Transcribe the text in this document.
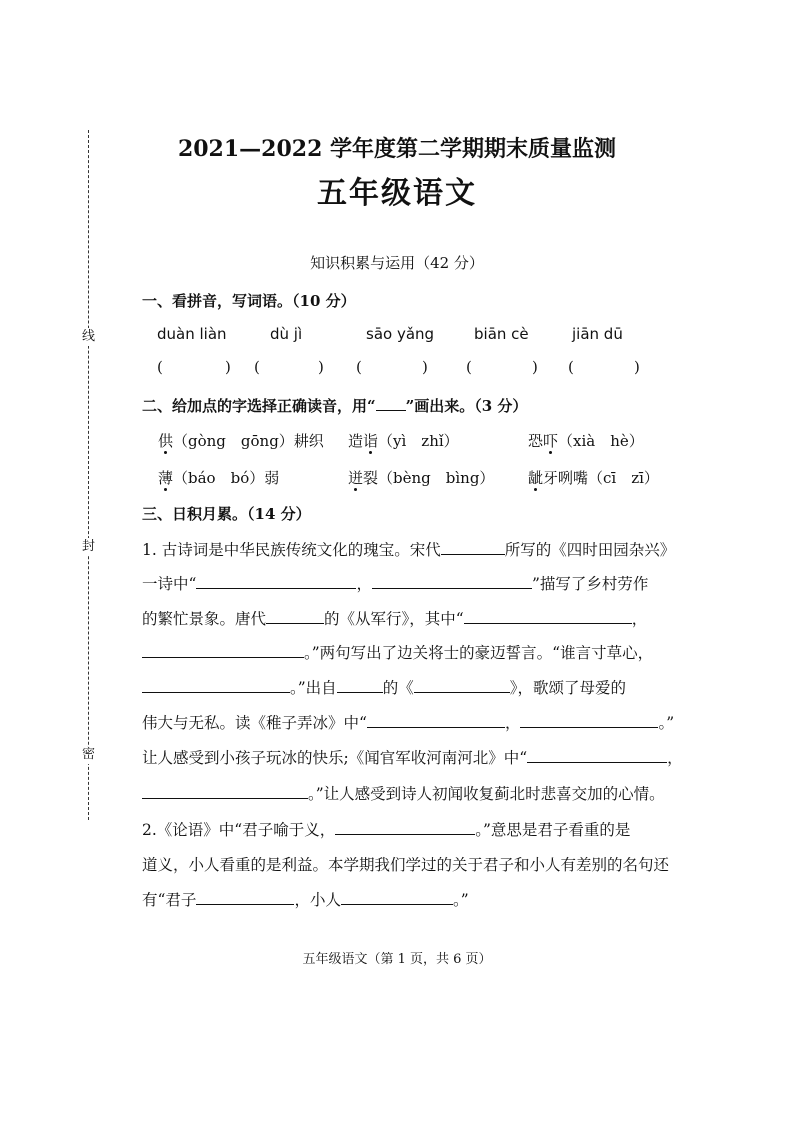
线
封
密
2021—2022 学年度第二学期期末质量监测
五年级语文
知识积累与运用（42 分）
一、看拼音，写词语。（10 分）
duàn liàn	dù jì	sāo yǎng	biān cè	jiān dū
(	) (	) (	)	(	) (	)
二、给加点的字选择正确读音，用“ ”画出来。（3 分）
供（gòng　gōng）耕织 造诣（yì　zhǐ）	恐吓（xià　hè）
薄（báo　bó）弱	迸裂（bèng　bìng） 龇牙咧嘴（cī　zī）
三、日积月累。（14 分）
1. 古诗词是中华民族传统文化的瑰宝。宋代	所写的《四时田园杂兴》
一诗中“	，	”描写了乡村劳作
的繁忙景象。唐代	的《从军行》，其中“	，
。”两句写出了边关将士的豪迈誓言。“谁言寸草心，
。”出自	的《	》，歌颂了母爱的
伟大与无私。读《稚子弄冰》中“	，	。”
让人感受到小孩子玩冰的快乐;《闻官军收河南河北》中“	，
。”让人感受到诗人初闻收复蓟北时悲喜交加的心情。
2.《论语》中“君子喻于义，	。”意思是君子看重的是
道义，小人看重的是利益。本学期我们学过的关于君子和小人有差别的名句还
有“君子	，小人	。”
五年级语文（第 1 页，共 6 页）
